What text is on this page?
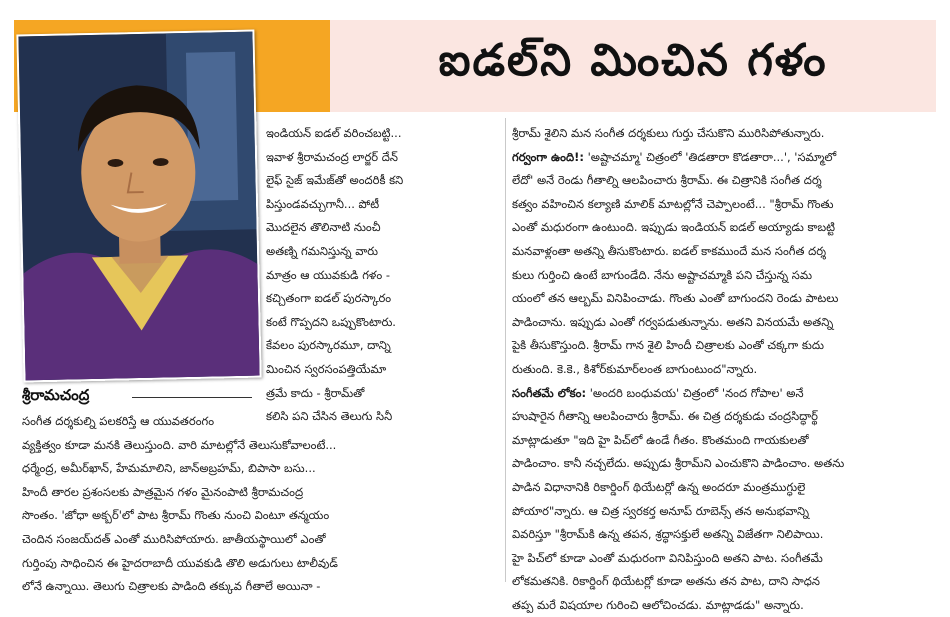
ఐడల్‌ని మించిన గళం
శ్రీరామచంద్ర
ఇండియన్ ఐడల్ వరించబట్టి...
ఇవాళ శ్రీరామచంద్ర లార్జర్ దేన్
లైఫ్ సైజ్ ఇమేజ్‌తో అందరికీ కని
పిస్తుండవచ్చుగానీ... పోటీ
మొదలైన తొలినాటి నుంచీ
అతణ్ని గమనిస్తున్న వారు
మాత్రం ఆ యువకుడి గళం -
కచ్చితంగా ఐడల్ పురస్కారం
కంటే గొప్పదని ఒప్పుకొంటారు.
కేవలం పురస్కారమూ, దాన్ని
మించిన స్వరసంపత్తియేమా
త్రమే కాదు - శ్రీరామ్‌తో
కలిసి పని చేసిన తెలుగు సినీ
సంగీత దర్శకుల్ని పలకరిస్తే ఆ యువతరంగం
వ్యక్తిత్వం కూడా మనకి తెలుస్తుంది. వారి మాటల్లోనే తెలుసుకోవాలంటే...
ధర్మేంద్ర, అమీర్‌ఖాన్, హేమమాలిని, జాన్‌అబ్రహమ్, బిపాసా బసు...
హిందీ తారల ప్రశంసలకు పాత్రమైన గళం మైనంపాటి శ్రీరామచంద్ర
సొంతం. 'జోధా అక్బర్'లో పాట శ్రీరామ్ గొంతు నుంచి వింటూ తన్మయం
చెందిన సంజయ్‌దత్ ఎంతో మురిసిపోయారు. జాతీయస్థాయిలో ఎంతో
గుర్తింపు సాధించిన ఈ హైదరాబాదీ యువకుడి తొలి అడుగులు టాలీవుడ్
లోనే ఉన్నాయి. తెలుగు చిత్రాలకు పాడింది తక్కువ గీతాలే అయినా -
శ్రీరామ్ శైలిని మన సంగీత దర్శకులు గుర్తు చేసుకొని మురిసిపోతున్నారు.
గర్వంగా ఉంది!: 'అష్టాచమ్మా' చిత్రంలో 'తిడతారా కొడతారా...', 'సమ్మాలో
లేదో' అనే రెండు గీతాల్ని ఆలపించారు శ్రీరామ్. ఈ చిత్రానికి సంగీత దర్శ
కత్వం వహించిన కల్యాణి మాలిక్ మాటల్లోనే చెప్పాలంటే... "శ్రీరామ్ గొంతు
ఎంతో మధురంగా ఉంటుంది. ఇప్పుడు ఇండియన్ ఐడల్ అయ్యాడు కాబట్టి
మనవాళ్లంతా అతన్ని తీసుకొంటారు. ఐడల్ కాకముందే మన సంగీత దర్శ
కులు గుర్తించి ఉంటే బాగుండేది. నేను అష్టాచమ్మాకి పని చేస్తున్న సమ
యంలో తన ఆల్బమ్ వినిపించాడు. గొంతు ఎంతో బాగుందని రెండు పాటలు
పాడించాను. ఇప్పుడు ఎంతో గర్వపడుతున్నాను. అతని వినయమే అతన్ని
పైకి తీసుకొస్తుంది. శ్రీరామ్ గాన శైలి హిందీ చిత్రాలకు ఎంతో చక్కగా కుదు
రుతుంది. కె.కె., కిశోర్‌కుమార్‌లంత బాగుంటుంద"న్నారు.
సంగీతమే లోకం: 'అందరి బంధువయ' చిత్రంలో 'నంద గోపాల' అనే
హుషారైన గీతాన్ని ఆలపించారు శ్రీరామ్. ఈ చిత్ర దర్శకుడు చంద్రసిద్ధార్థ్
మాట్లాడుతూ "ఇది హై పిచ్‌లో ఉండే గీతం. కొంతమంది గాయకులతో
పాడించాం. కానీ నచ్చలేదు. అప్పుడు శ్రీరామ్‌ని ఎంచుకొని పాడించాం. అతను
పాడిన విధానానికి రికార్డింగ్ థియేటర్లో ఉన్న అందరూ మంత్రముగ్ధులై
పోయార"న్నారు. ఆ చిత్ర స్వరకర్త అనూప్ రూబెన్స్ తన అనుభవాన్ని
వివరిస్తూ "శ్రీరామ్‌కి ఉన్న తపన, శ్రద్ధాసక్తులే అతన్ని విజేతగా నిలిపాయి.
హై పిచ్‌లో కూడా ఎంతో మధురంగా వినిపిస్తుంది అతని పాట. సంగీతమే
లోకమతనికి. రికార్డింగ్ థియేటర్లో కూడా అతను తన పాట, దాని సాధన
తప్ప మరే విషయాల గురించి ఆలోచించడు. మాట్లాడడు" అన్నారు.
